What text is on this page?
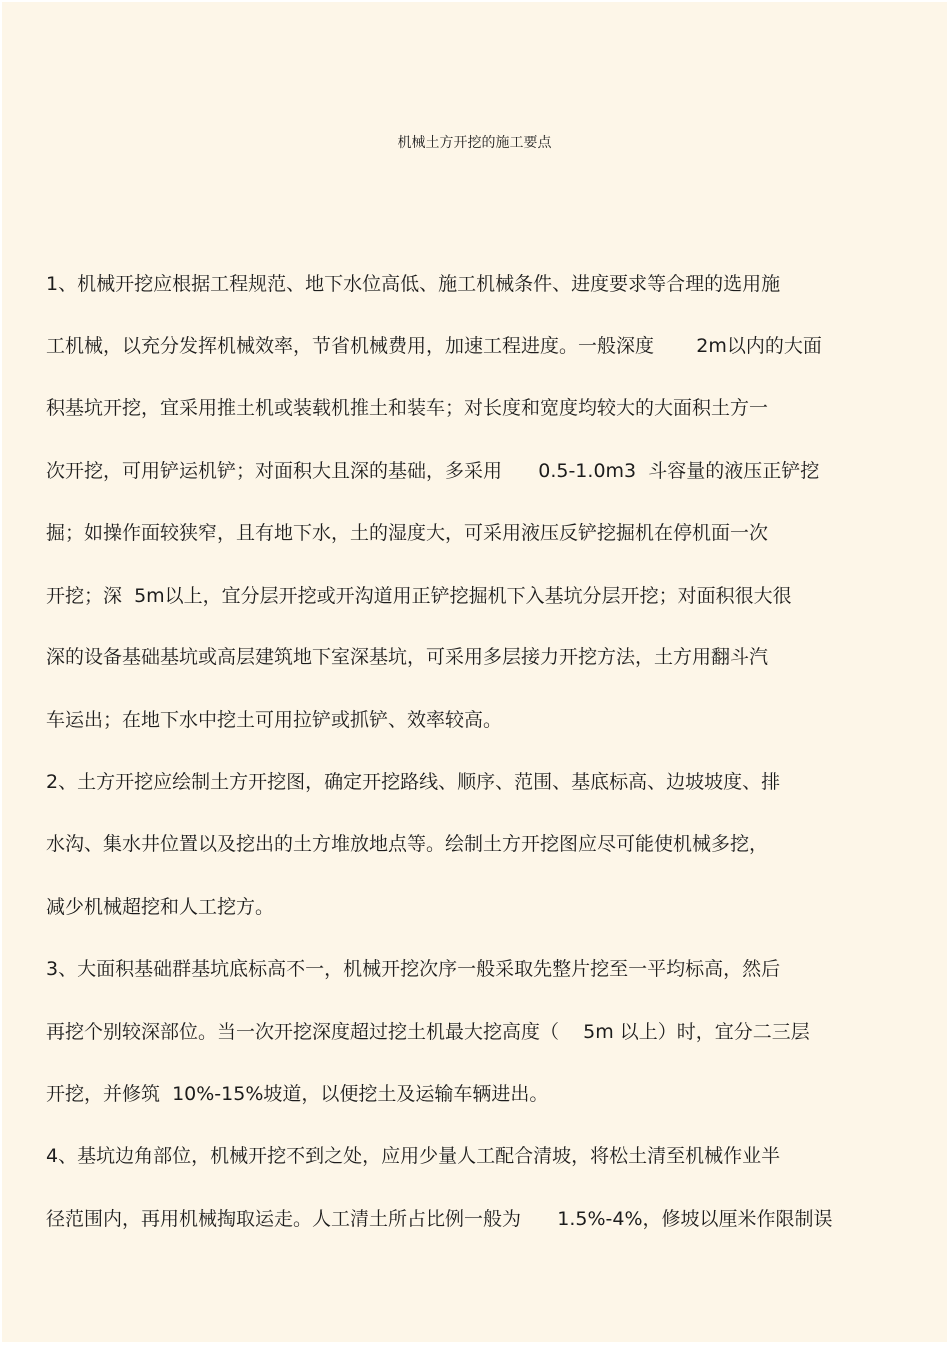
机械土方开挖的施工要点
1、机械开挖应根据工程规范、地下水位高低、施工机械条件、进度要求等合理的选用施
工机械，以充分发挥机械效率，节省机械费用，加速工程进度。一般深度       2m以内的大面
积基坑开挖，宜采用推土机或装载机推土和装车；对长度和宽度均较大的大面积土方一
次开挖，可用铲运机铲；对面积大且深的基础，多采用      0.5-1.0m3  斗容量的液压正铲挖
掘；如操作面较狭窄，且有地下水，土的湿度大，可采用液压反铲挖掘机在停机面一次
开挖；深  5m以上，宜分层开挖或开沟道用正铲挖掘机下入基坑分层开挖；对面积很大很
深的设备基础基坑或高层建筑地下室深基坑，可采用多层接力开挖方法，土方用翻斗汽
车运出；在地下水中挖土可用拉铲或抓铲、效率较高。
2、土方开挖应绘制土方开挖图，确定开挖路线、顺序、范围、基底标高、边坡坡度、排
水沟、集水井位置以及挖出的土方堆放地点等。绘制土方开挖图应尽可能使机械多挖，
减少机械超挖和人工挖方。
3、大面积基础群基坑底标高不一，机械开挖次序一般采取先整片挖至一平均标高，然后
再挖个别较深部位。当一次开挖深度超过挖土机最大挖高度（    5m 以上）时，宜分二三层
开挖，并修筑  10%-15%坡道，以便挖土及运输车辆进出。
4、基坑边角部位，机械开挖不到之处，应用少量人工配合清坡，将松土清至机械作业半
径范围内，再用机械掏取运走。人工清土所占比例一般为      1.5%-4%，修坡以厘米作限制误
